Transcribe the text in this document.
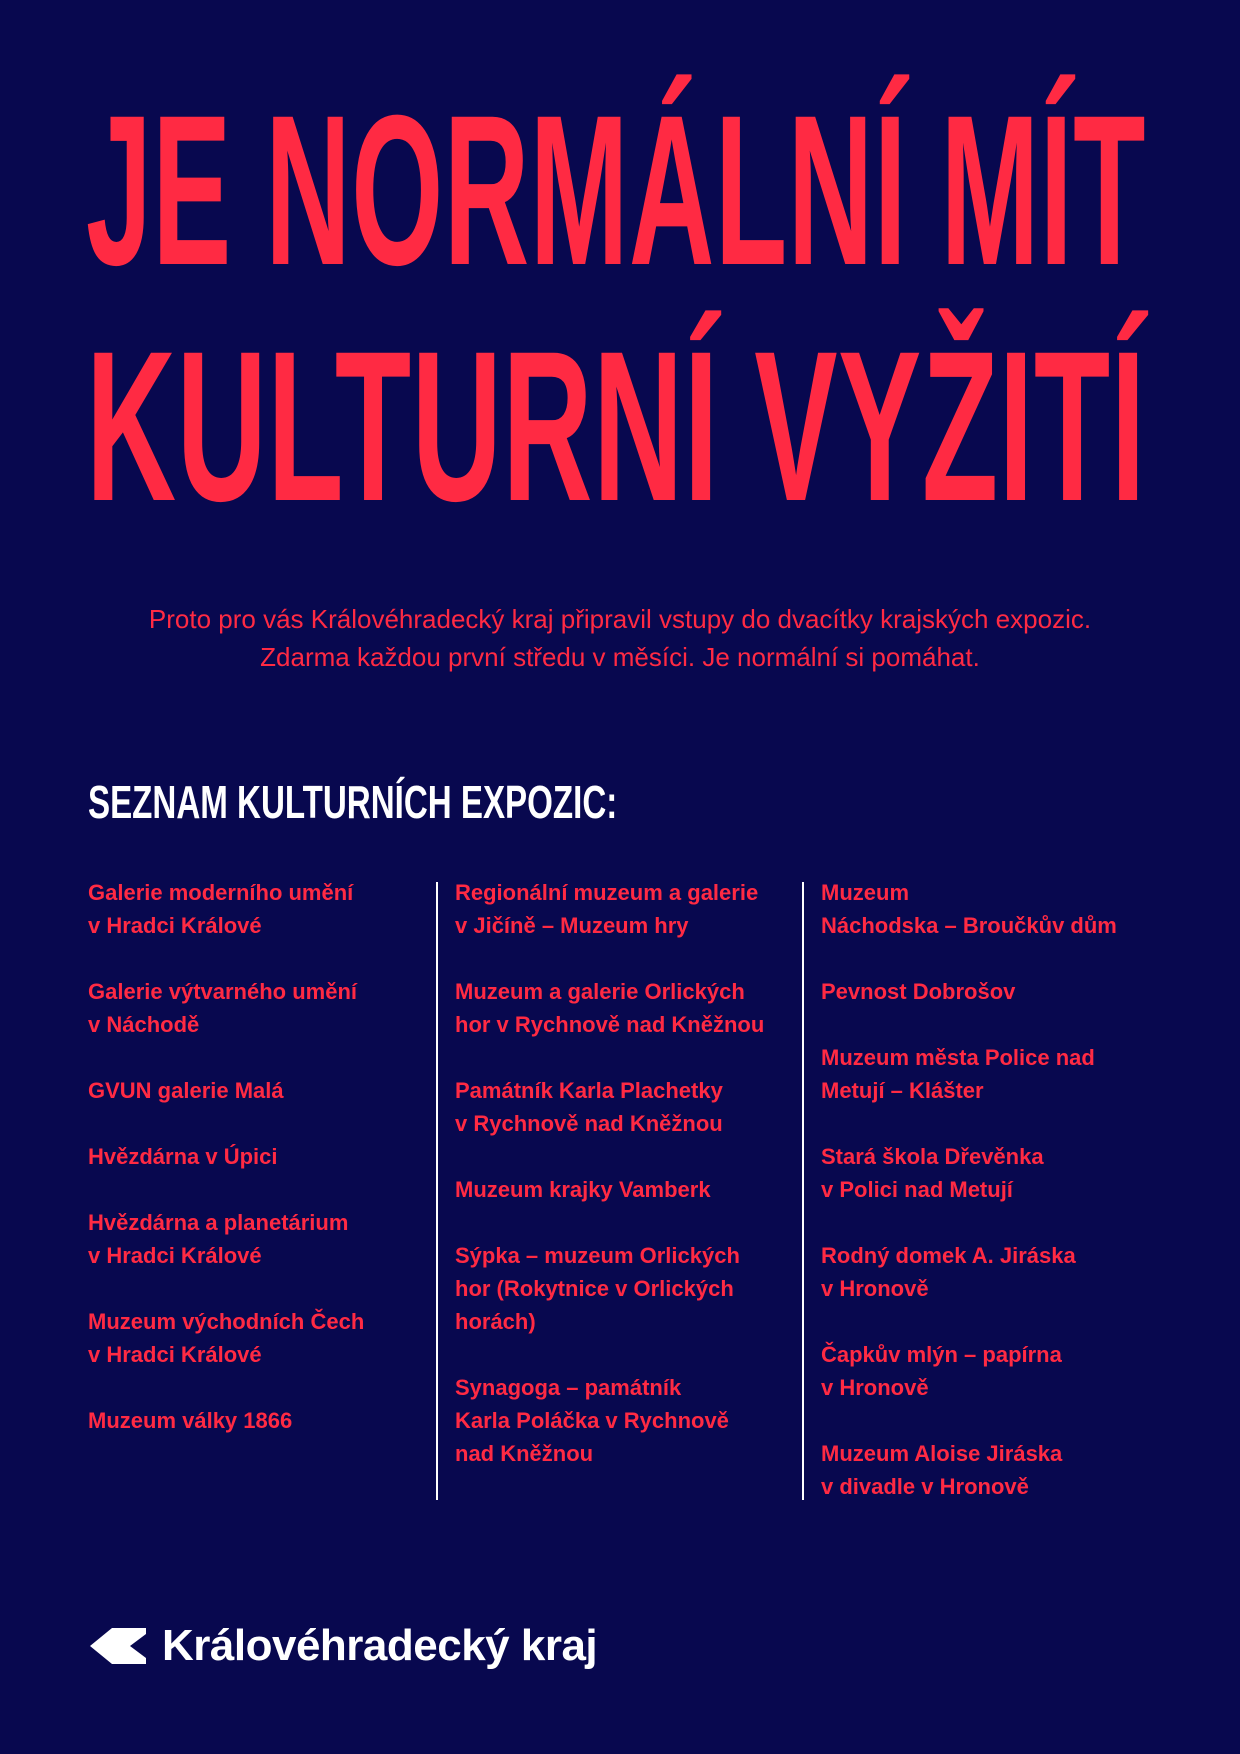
JE NORMÁLNÍ MÍT
KULTURNÍ VYŽITÍ
Proto pro vás Královéhradecký kraj připravil vstupy do dvacítky krajských expozic.
Zdarma každou první středu v měsíci. Je normální si pomáhat.
SEZNAM KULTURNÍCH EXPOZIC:
Galerie moderního umění
v Hradci Králové
Galerie výtvarného umění
v Náchodě
GVUN galerie Malá
Hvězdárna v Úpici
Hvězdárna a planetárium
v Hradci Králové
Muzeum východních Čech
v Hradci Králové
Muzeum války 1866
Regionální muzeum a galerie
v Jičíně – Muzeum hry
Muzeum a galerie Orlických
hor v Rychnově nad Kněžnou
Památník Karla Plachetky
v Rychnově nad Kněžnou
Muzeum krajky Vamberk
Sýpka – muzeum Orlických
hor (Rokytnice v Orlických
horách)
Synagoga – památník
Karla Poláčka v Rychnově
nad Kněžnou
Muzeum
Náchodska – Broučkův dům
Pevnost Dobrošov
Muzeum města Police nad
Metují – Klášter
Stará škola Dřevěnka
v Polici nad Metují
Rodný domek A. Jiráska
v Hronově
Čapkův mlýn – papírna
v Hronově
Muzeum Aloise Jiráska
v divadle v Hronově
Královéhradecký kraj
